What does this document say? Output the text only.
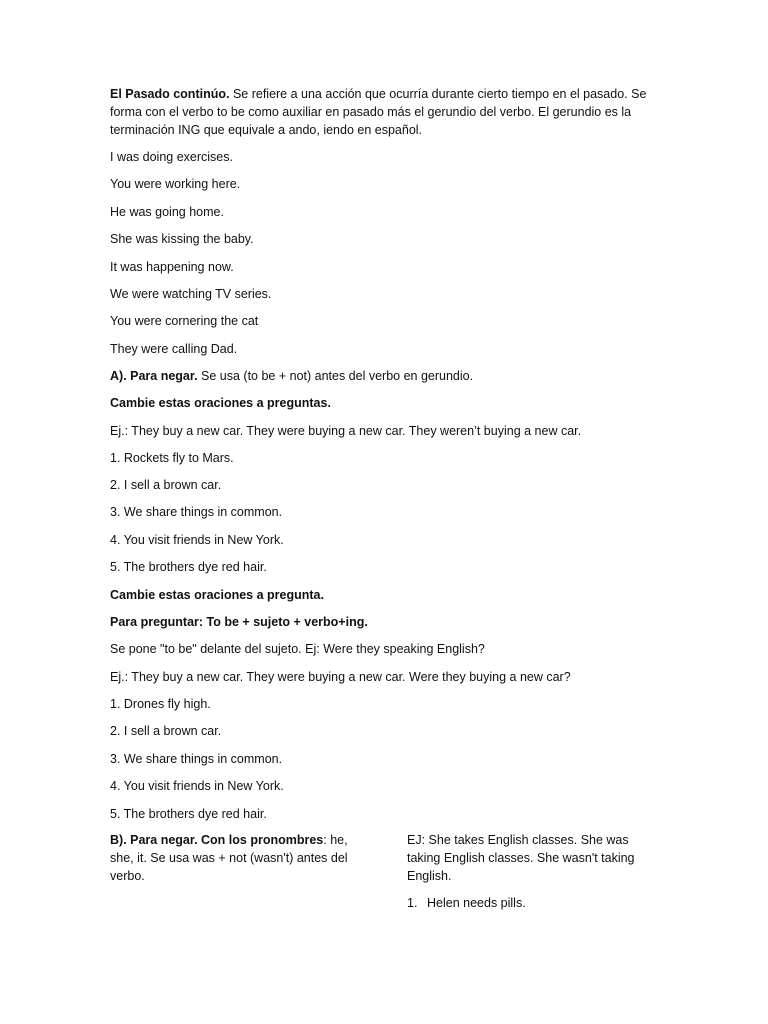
El Pasado continúo. Se refiere a una acción que ocurría durante cierto tiempo en el pasado. Se forma con el verbo to be como auxiliar en pasado más el gerundio del verbo. El gerundio es la terminación ING que equivale a ando, iendo en español.

I was doing exercises.

You were working here.

He was going home.

She was kissing the baby.

It was happening now.

We were watching TV series.

You were cornering the cat

They were calling Dad.

A). Para negar. Se usa (to be + not) antes del verbo en gerundio.

Cambie estas oraciones a preguntas.

Ej.: They buy a new car. They were buying a new car. They weren’t buying a new car.

1. Rockets fly to Mars.

2. I sell a brown car.

3. We share things in common.

4. You visit friends in New York.

5. The brothers dye red hair.

Cambie estas oraciones a pregunta.

Para preguntar: To be + sujeto + verbo+ing.

Se pone "to be" delante del sujeto. Ej: Were they speaking English?

Ej.: They buy a new car. They were buying a new car. Were they buying a new car?

1. Drones fly high.

2. I sell a brown car.

3. We share things in common.

4. You visit friends in New York.

5. The brothers dye red hair.

B). Para negar. Con los pronombres: he, she, it. Se usa was + not (wasn't) antes del verbo.

EJ: She takes English classes. She was taking English classes. She wasn't taking English.

1. Helen needs pills.
